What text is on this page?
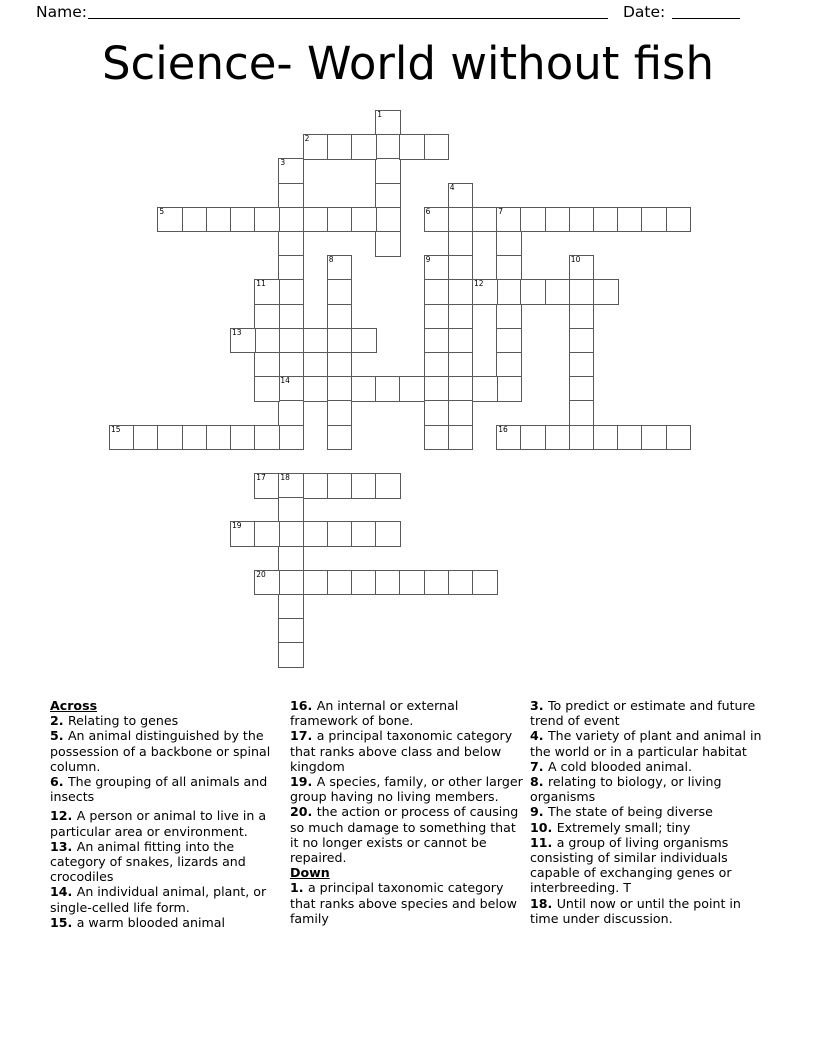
Name:	Date:
Science- World without fish
1
2
3
14
4
5	6	7
8	9	10
11	12
13
15	16
17 18
19
20
Across
2. Relating to genes
5. An animal distinguished by the possession of a backbone or spinal column.
6. The grouping of all animals and insects
12. A person or animal to live in a particular area or environment.
13. An animal fitting into the category of snakes, lizards and crocodiles
14. An individual animal, plant, or single-celled life form.
15. a warm blooded animal
16. An internal or external framework of bone.
17. a principal taxonomic category that ranks above class and below kingdom
19. A species, family, or other larger group having no living members.
20. the action or process of causing so much damage to something that it no longer exists or cannot be repaired.
Down
1. a principal taxonomic category that ranks above species and below family
3. To predict or estimate and future trend of event
4. The variety of plant and animal in the world or in a particular habitat
7. A cold blooded animal.
8. relating to biology, or living organisms
9. The state of being diverse
10. Extremely small; tiny
11. a group of living organisms consisting of similar individuals capable of exchanging genes or interbreeding. T
18. Until now or until the point in time under discussion.
